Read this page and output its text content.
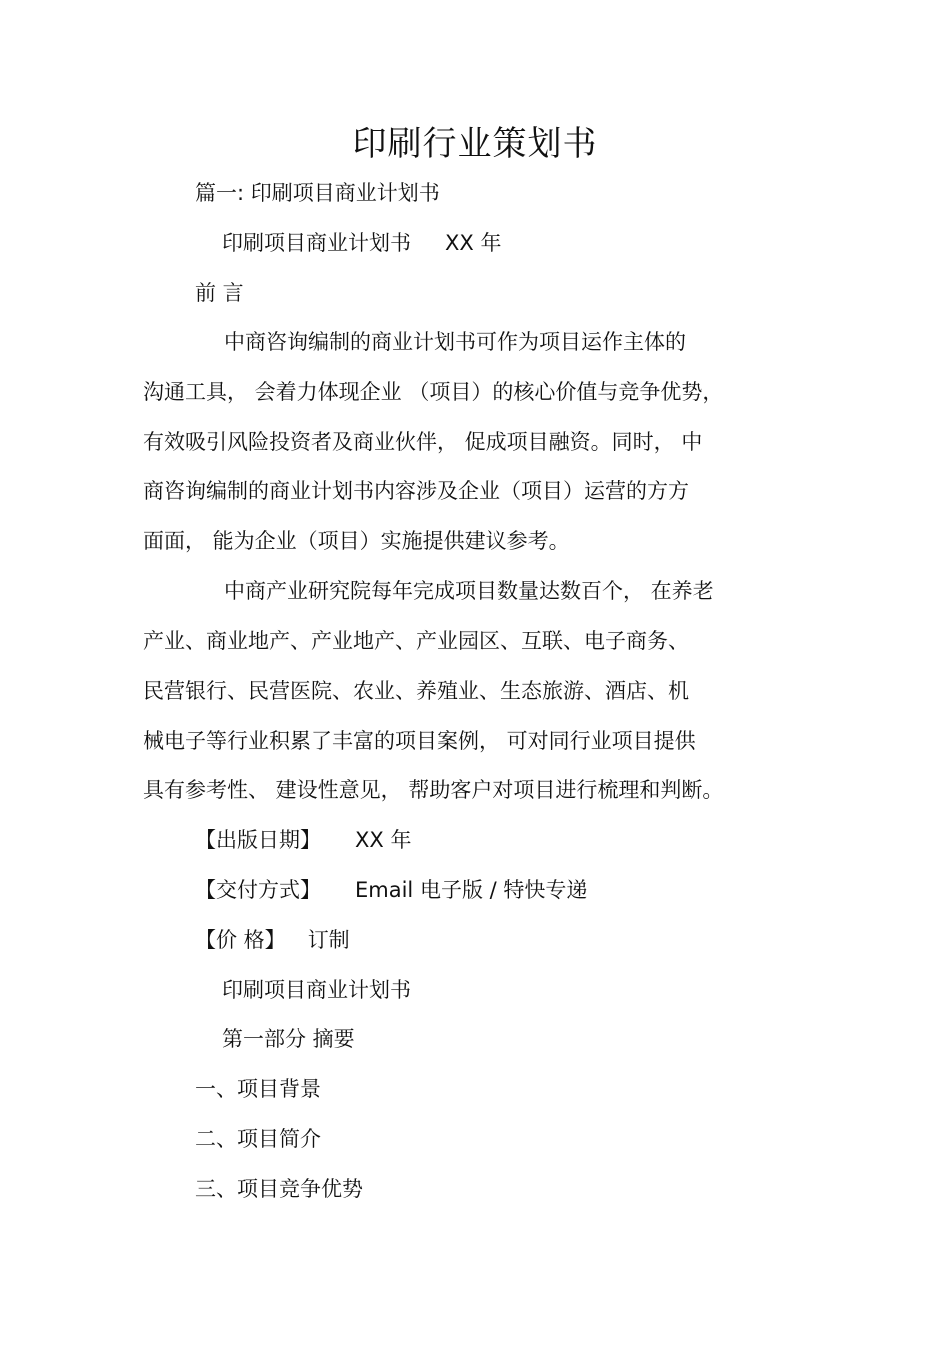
印刷行业策划书
篇一: 印刷项目商业计划书
印刷项目商业计划书 XX 年
前 言
中商咨询编制的商业计划书可作为项目运作主体的
沟通工具， 会着力体现企业 （项目）的核心价值与竞争优势，
有效吸引风险投资者及商业伙伴， 促成项目融资。同时， 中
商咨询编制的商业计划书内容涉及企业（项目）运营的方方
面面， 能为企业（项目）实施提供建议参考。
中商产业研究院每年完成项目数量达数百个， 在养老
产业、商业地产、产业地产、产业园区、互联、电子商务、
民营银行、民营医院、农业、养殖业、生态旅游、酒店、机
械电子等行业积累了丰富的项目案例， 可对同行业项目提供
具有参考性、 建设性意见， 帮助客户对项目进行梳理和判断。
【出版日期】 XX 年
【交付方式】 Email 电子版 / 特快专递
【价 格】 订制
印刷项目商业计划书
第一部分 摘要
一、项目背景
二、项目简介
三、项目竞争优势
